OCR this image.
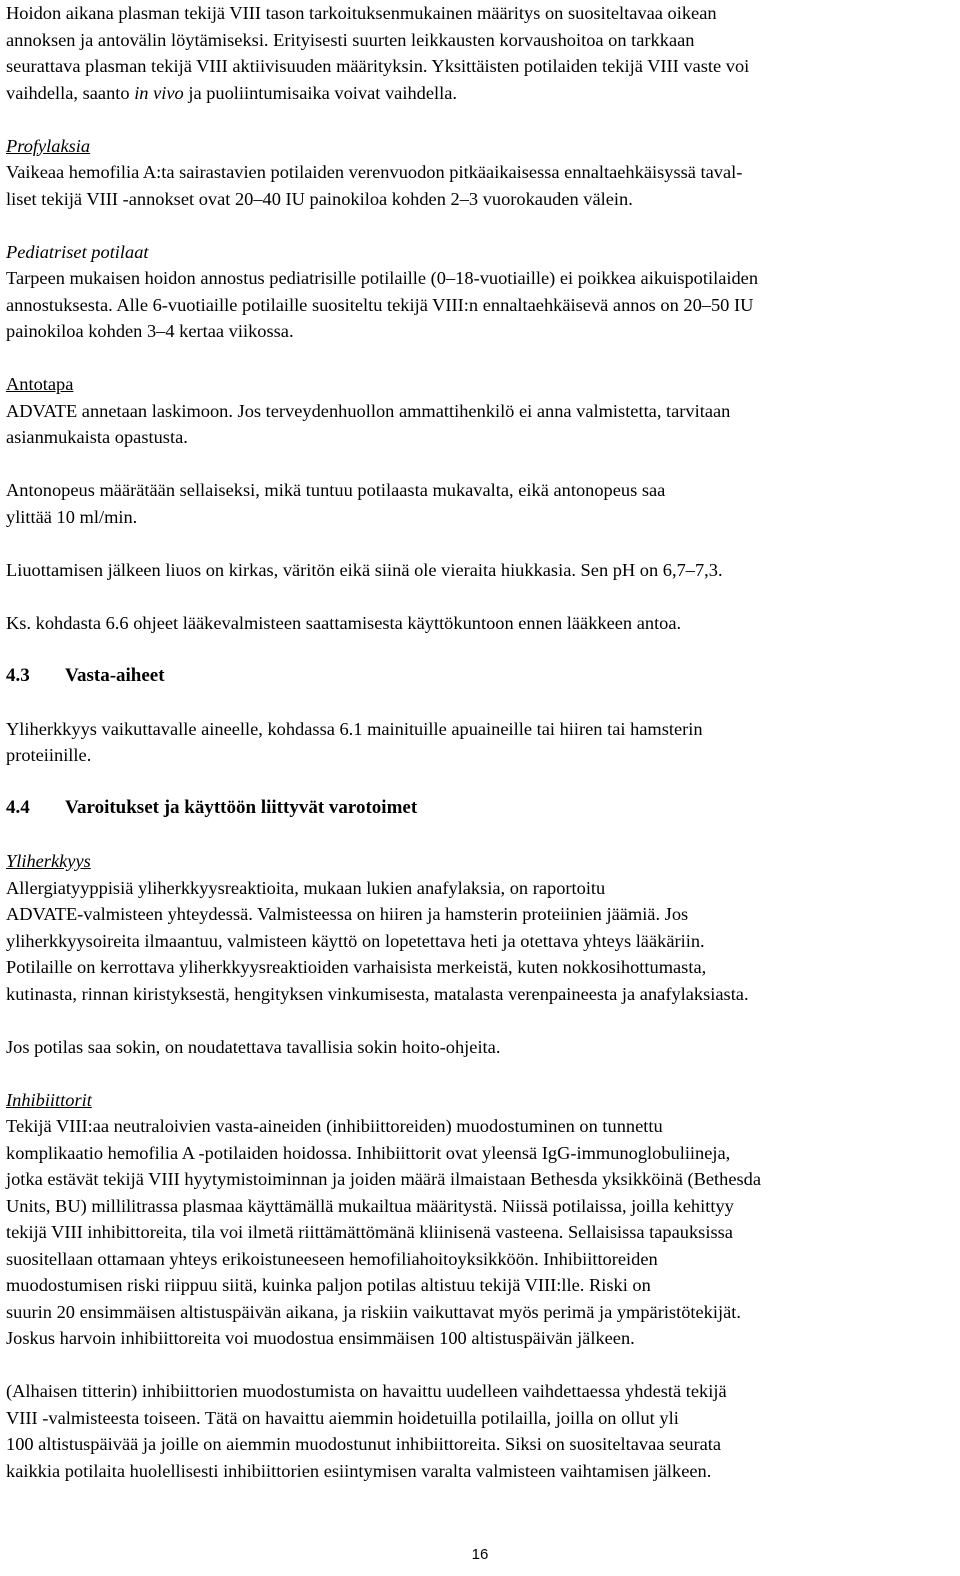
Hoidon aikana plasman tekijä VIII tason tarkoituksenmukainen määritys on suositeltavaa oikean

annoksen ja antovälin löytämiseksi. Erityisesti suurten leikkausten korvaushoitoa on tarkkaan

seurattava plasman tekijä VIII aktiivisuuden määrityksin. Yksittäisten potilaiden tekijä VIII vaste voi

vaihdella, saanto in vivo ja puoliintumisaika voivat vaihdella.

Profylaksia

Vaikeaa hemofilia A:ta sairastavien potilaiden verenvuodon pitkäaikaisessa ennaltaehkäisyssä taval-

liset tekijä VIII -annokset ovat 20–40 IU painokiloa kohden 2–3 vuorokauden välein.

Pediatriset potilaat

Tarpeen mukaisen hoidon annostus pediatrisille potilaille (0–18-vuotiaille) ei poikkea aikuispotilaiden

annostuksesta. Alle 6-vuotiaille potilaille suositeltu tekijä VIII:n ennaltaehkäisevä annos on 20–50 IU

painokiloa kohden 3–4 kertaa viikossa.

Antotapa

ADVATE annetaan laskimoon. Jos terveydenhuollon ammattihenkilö ei anna valmistetta, tarvitaan

asianmukaista opastusta.

Antonopeus määrätään sellaiseksi, mikä tuntuu potilaasta mukavalta, eikä antonopeus saa

ylittää 10 ml/min.

Liuottamisen jälkeen liuos on kirkas, väritön eikä siinä ole vieraita hiukkasia. Sen pH on 6,7–7,3.

Ks. kohdasta 6.6 ohjeet lääkevalmisteen saattamisesta käyttökuntoon ennen lääkkeen antoa.

4.3 Vasta-aiheet

Yliherkkyys vaikuttavalle aineelle, kohdassa 6.1 mainituille apuaineille tai hiiren tai hamsterin

proteiinille.

4.4 Varoitukset ja käyttöön liittyvät varotoimet

Yliherkkyys

Allergiatyyppisiä yliherkkyysreaktioita, mukaan lukien anafylaksia, on raportoitu

ADVATE-valmisteen yhteydessä. Valmisteessa on hiiren ja hamsterin proteiinien jäämiä. Jos

yliherkkyysoireita ilmaantuu, valmisteen käyttö on lopetettava heti ja otettava yhteys lääkäriin.

Potilaille on kerrottava yliherkkyysreaktioiden varhaisista merkeistä, kuten nokkosihottumasta,

kutinasta, rinnan kiristyksestä, hengityksen vinkumisesta, matalasta verenpaineesta ja anafylaksiasta.

Jos potilas saa sokin, on noudatettava tavallisia sokin hoito-ohjeita.

Inhibiittorit

Tekijä VIII:aa neutraloivien vasta-aineiden (inhibiittoreiden) muodostuminen on tunnettu

komplikaatio hemofilia A -potilaiden hoidossa. Inhibiittorit ovat yleensä IgG-immunoglobuliineja,

jotka estävät tekijä VIII hyytymistoiminnan ja joiden määrä ilmaistaan Bethesda yksikköinä (Bethesda

Units, BU) millilitrassa plasmaa käyttämällä mukailtua määritystä. Niissä potilaissa, joilla kehittyy

tekijä VIII inhibittoreita, tila voi ilmetä riittämättömänä kliinisenä vasteena. Sellaisissa tapauksissa

suositellaan ottamaan yhteys erikoistuneeseen hemofiliahoitoyksikköön. Inhibiittoreiden

muodostumisen riski riippuu siitä, kuinka paljon potilas altistuu tekijä VIII:lle. Riski on

suurin 20 ensimmäisen altistuspäivän aikana, ja riskiin vaikuttavat myös perimä ja ympäristötekijät.

Joskus harvoin inhibiittoreita voi muodostua ensimmäisen 100 altistuspäivän jälkeen.

(Alhaisen titterin) inhibiittorien muodostumista on havaittu uudelleen vaihdettaessa yhdestä tekijä

VIII -valmisteesta toiseen. Tätä on havaittu aiemmin hoidetuilla potilailla, joilla on ollut yli

100 altistuspäivää ja joille on aiemmin muodostunut inhibiittoreita. Siksi on suositeltavaa seurata

kaikkia potilaita huolellisesti inhibiittorien esiintymisen varalta valmisteen vaihtamisen jälkeen.

16
